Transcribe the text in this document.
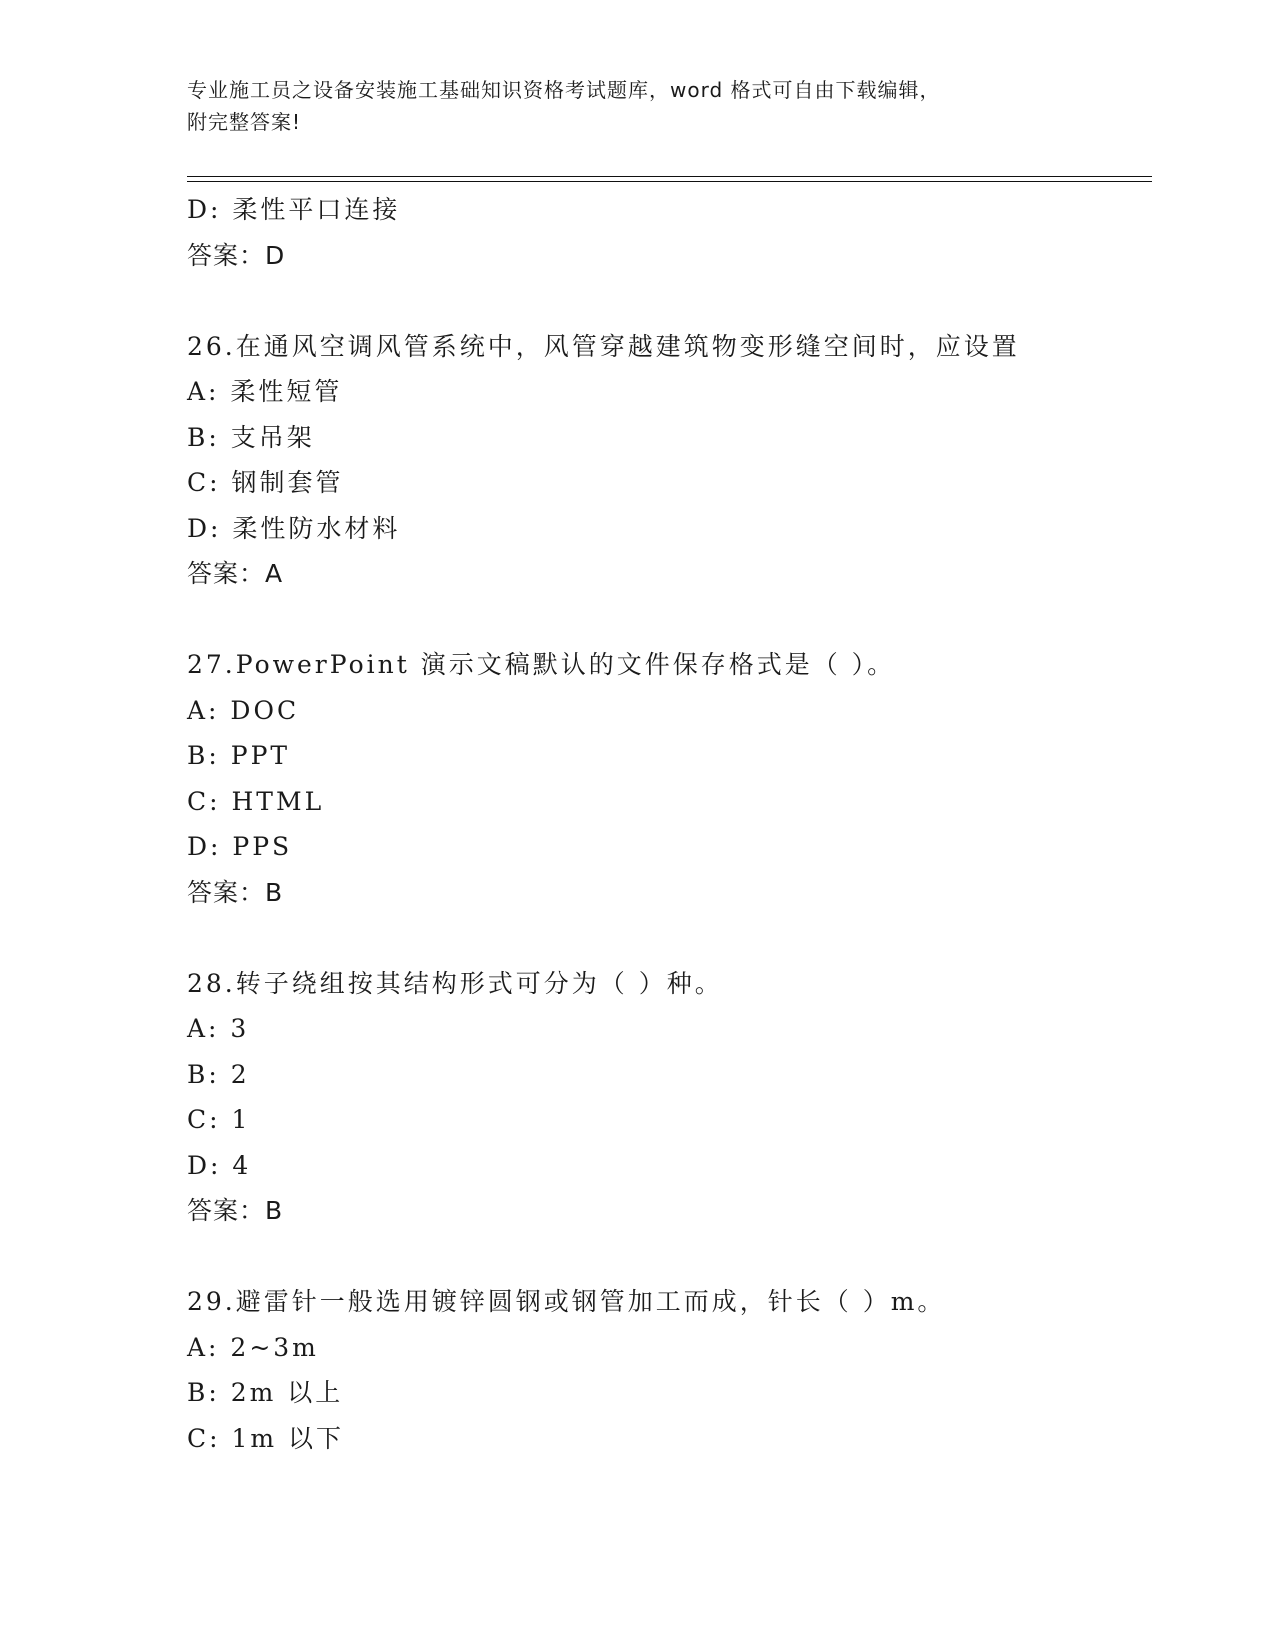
专业施工员之设备安装施工基础知识资格考试题库，word 格式可自由下载编辑，
附完整答案!
D: 柔性平口连接
答案：D
26.在通风空调风管系统中，风管穿越建筑物变形缝空间时，应设置
A: 柔性短管
B: 支吊架
C: 钢制套管
D: 柔性防水材料
答案：A
27.PowerPoint 演示文稿默认的文件保存格式是（ ）。
A: DOC
B: PPT
C: HTML
D: PPS
答案：B
28.转子绕组按其结构形式可分为（ ）种。
A: 3
B: 2
C: 1
D: 4
答案：B
29.避雷针一般选用镀锌圆钢或钢管加工而成，针长（ ）m。
A: 2~3m
B: 2m 以上
C: 1m 以下
